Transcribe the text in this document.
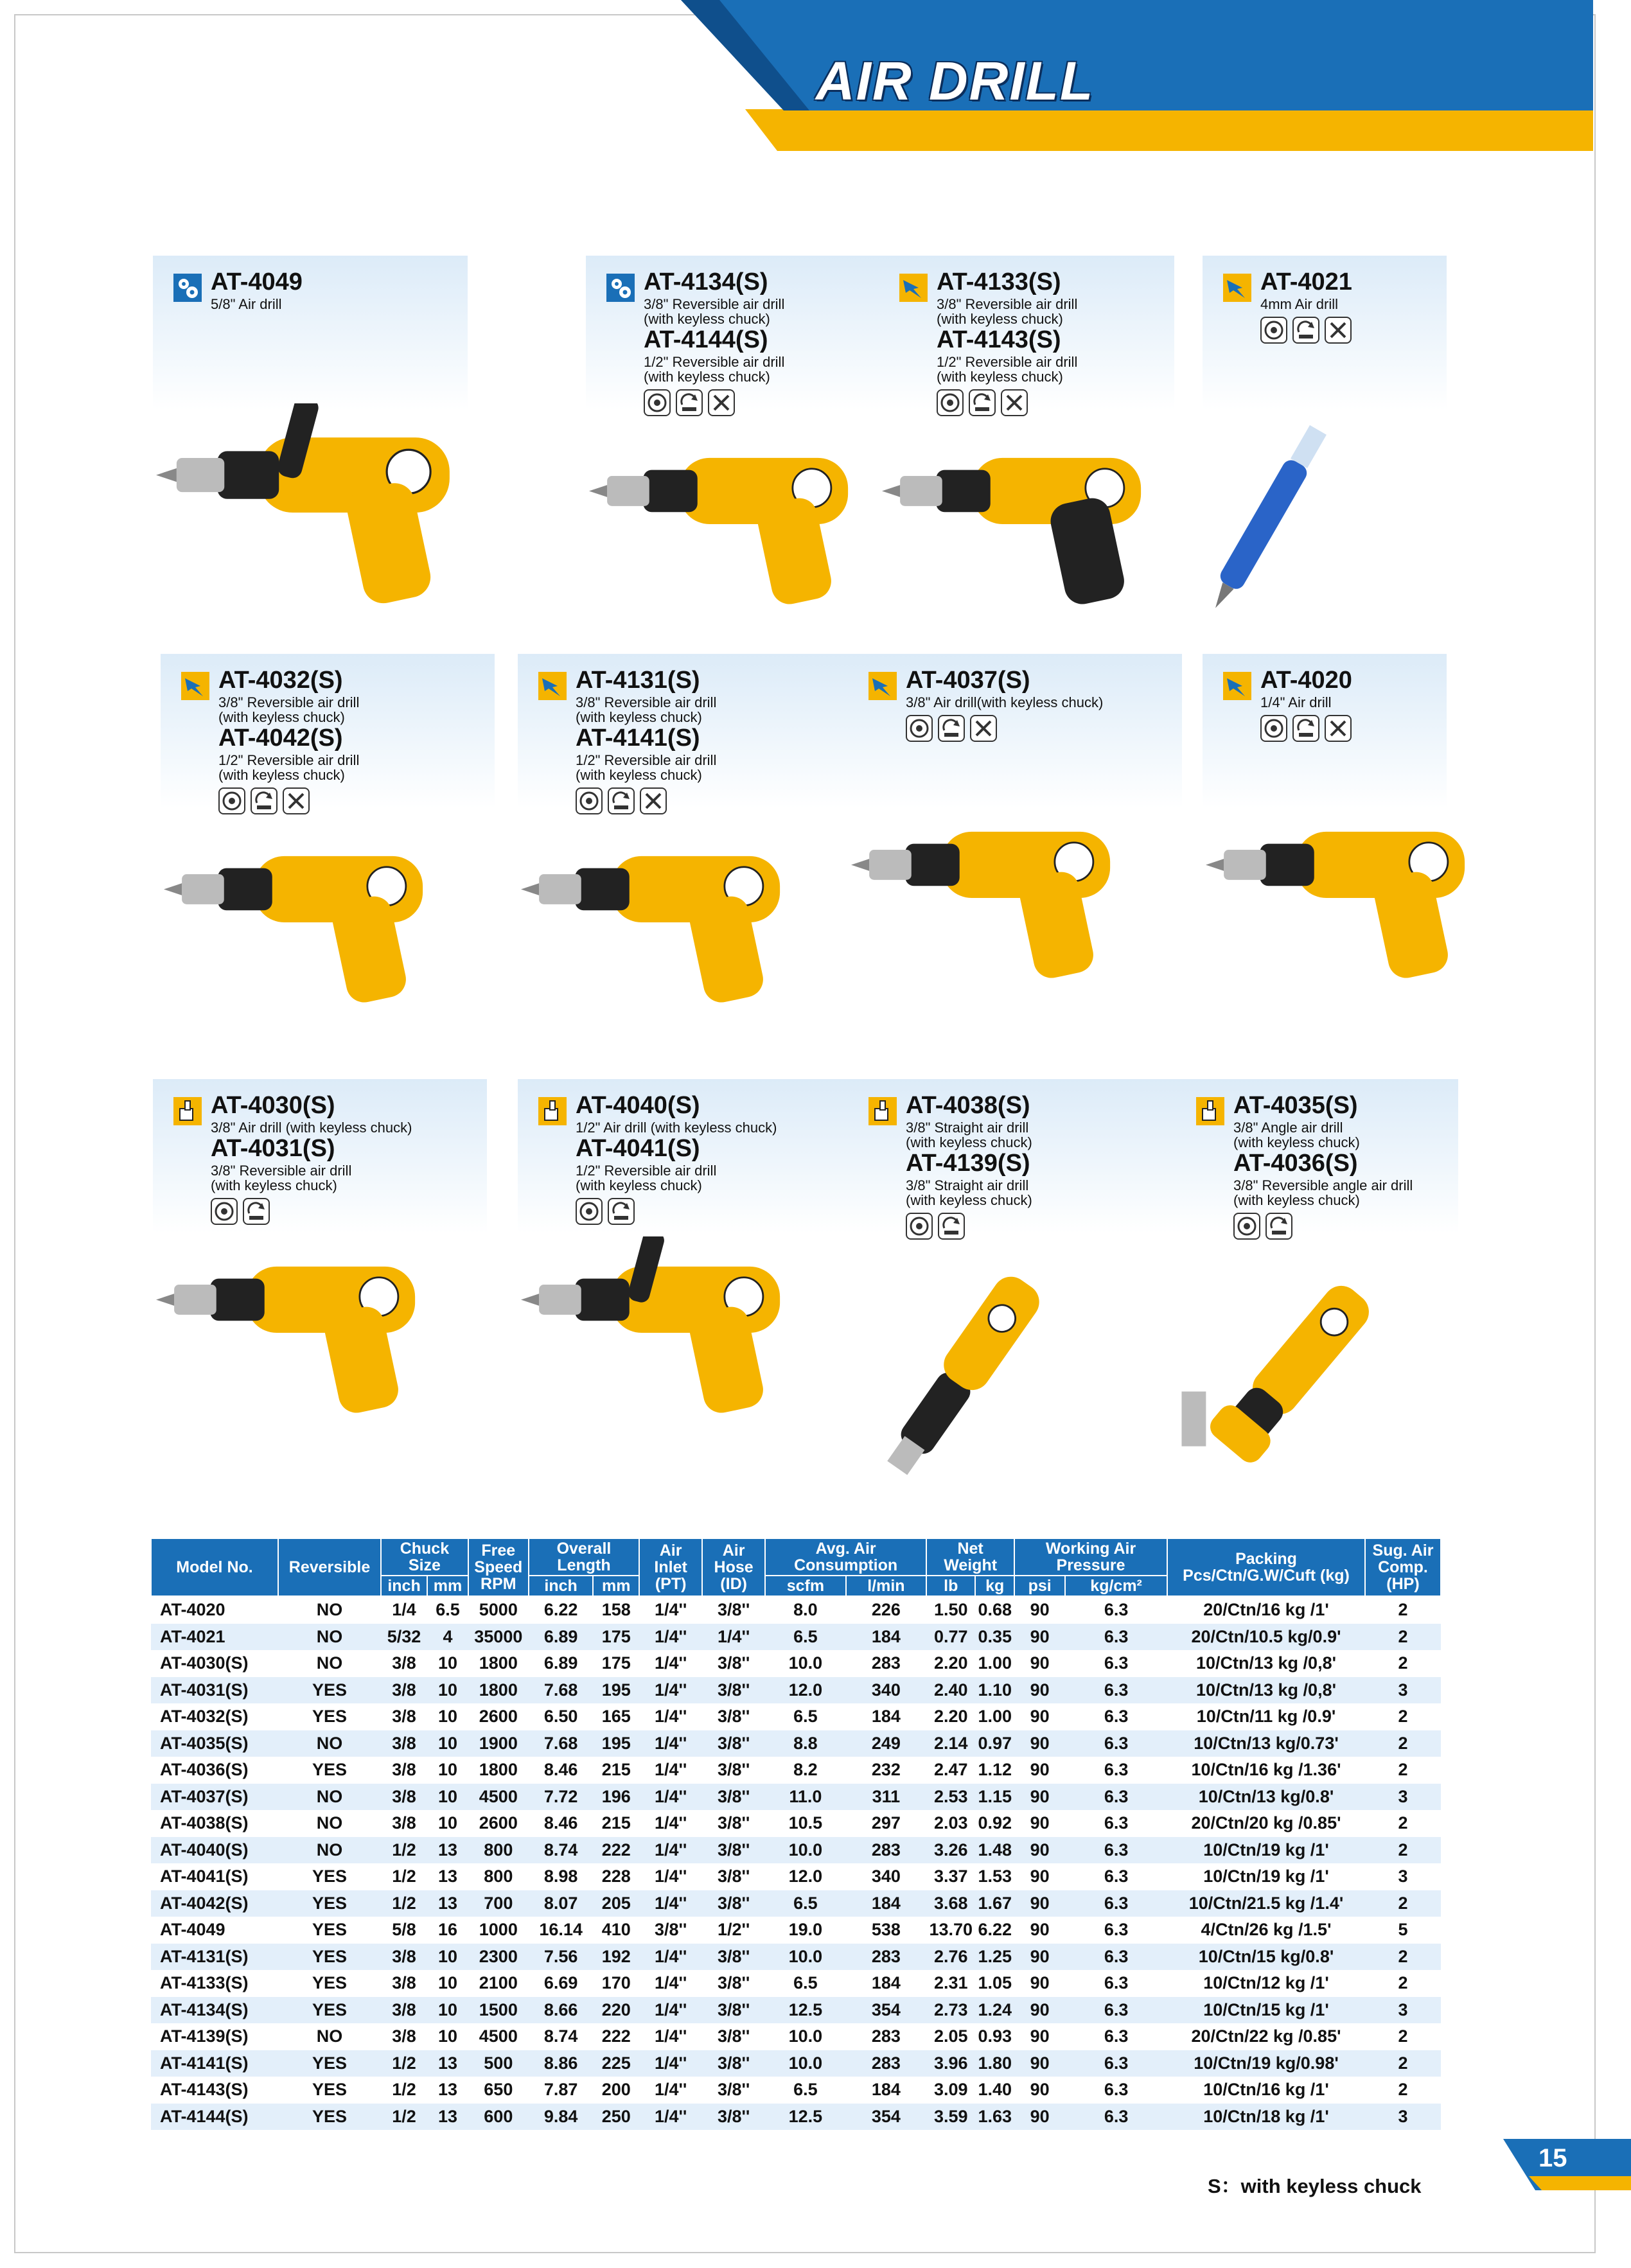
AIR DRILL
AT-4049
5/8" Air drill
AT-4134(S)
3/8" Reversible air drill
(with keyless chuck)
AT-4144(S)
1/2" Reversible air drill
(with keyless chuck)
AT-4133(S)
3/8" Reversible air drill
(with keyless chuck)
AT-4143(S)
1/2" Reversible air drill
(with keyless chuck)
AT-4021
4mm Air drill
AT-4032(S)
3/8" Reversible air drill
(with keyless chuck)
AT-4042(S)
1/2" Reversible air drill
(with keyless chuck)
AT-4131(S)
3/8" Reversible air drill
(with keyless chuck)
AT-4141(S)
1/2" Reversible air drill
(with keyless chuck)
AT-4037(S)
3/8" Air drill(with keyless chuck)
AT-4020
1/4" Air drill
AT-4030(S)
3/8" Air drill (with keyless chuck)
AT-4031(S)
3/8" Reversible air drill
(with keyless chuck)
AT-4040(S)
1/2" Air drill (with keyless chuck)
AT-4041(S)
1/2" Reversible air drill
(with keyless chuck)
AT-4038(S)
3/8" Straight air drill
(with keyless chuck)
AT-4139(S)
3/8" Straight air drill
(with keyless chuck)
AT-4035(S)
3/8" Angle air drill
(with keyless chuck)
AT-4036(S)
3/8" Reversible angle air drill
(with keyless chuck)
Model No.	Reversible	Chuck Size		Free Speed RPM	Overall Length		Air Inlet (PT)	Air Hose (ID)	Avg. Air Consumption		Net Weight		Working Air Pressure		Packing Pcs/Ctn/G.W/Cuft (kg)	Sug. Air Comp. (HP)
		inch	mm		inch	mm			scfm	l/min	lb	kg	psi	kg/cm²		
AT-4020	NO	1/4	6.5	5000	6.22	158	1/4''	3/8''	8.0	226	1.50	0.68	90	6.3	20/Ctn/16 kg /1'	2
AT-4021	NO	5/32	4	35000	6.89	175	1/4''	1/4''	6.5	184	0.77	0.35	90	6.3	20/Ctn/10.5 kg/0.9'	2
AT-4030(S)	NO	3/8	10	1800	6.89	175	1/4''	3/8''	10.0	283	2.20	1.00	90	6.3	10/Ctn/13 kg /0,8'	2
AT-4031(S)	YES	3/8	10	1800	7.68	195	1/4''	3/8''	12.0	340	2.40	1.10	90	6.3	10/Ctn/13 kg /0,8'	3
AT-4032(S)	YES	3/8	10	2600	6.50	165	1/4''	3/8''	6.5	184	2.20	1.00	90	6.3	10/Ctn/11 kg /0.9'	2
AT-4035(S)	NO	3/8	10	1900	7.68	195	1/4''	3/8''	8.8	249	2.14	0.97	90	6.3	10/Ctn/13 kg/0.73'	2
AT-4036(S)	YES	3/8	10	1800	8.46	215	1/4''	3/8''	8.2	232	2.47	1.12	90	6.3	10/Ctn/16 kg /1.36'	2
AT-4037(S)	NO	3/8	10	4500	7.72	196	1/4''	3/8''	11.0	311	2.53	1.15	90	6.3	10/Ctn/13 kg/0.8'	3
AT-4038(S)	NO	3/8	10	2600	8.46	215	1/4''	3/8''	10.5	297	2.03	0.92	90	6.3	20/Ctn/20 kg /0.85'	2
AT-4040(S)	NO	1/2	13	800	8.74	222	1/4''	3/8''	10.0	283	3.26	1.48	90	6.3	10/Ctn/19 kg /1'	2
AT-4041(S)	YES	1/2	13	800	8.98	228	1/4''	3/8''	12.0	340	3.37	1.53	90	6.3	10/Ctn/19 kg /1'	3
AT-4042(S)	YES	1/2	13	700	8.07	205	1/4''	3/8''	6.5	184	3.68	1.67	90	6.3	10/Ctn/21.5 kg /1.4'	2
AT-4049	YES	5/8	16	1000	16.14	410	3/8''	1/2''	19.0	538	13.70	6.22	90	6.3	4/Ctn/26 kg /1.5'	5
AT-4131(S)	YES	3/8	10	2300	7.56	192	1/4''	3/8''	10.0	283	2.76	1.25	90	6.3	10/Ctn/15 kg/0.8'	2
AT-4133(S)	YES	3/8	10	2100	6.69	170	1/4''	3/8''	6.5	184	2.31	1.05	90	6.3	10/Ctn/12 kg /1'	2
AT-4134(S)	YES	3/8	10	1500	8.66	220	1/4''	3/8''	12.5	354	2.73	1.24	90	6.3	10/Ctn/15 kg /1'	3
AT-4139(S)	NO	3/8	10	4500	8.74	222	1/4''	3/8''	10.0	283	2.05	0.93	90	6.3	20/Ctn/22 kg /0.85'	2
AT-4141(S)	YES	1/2	13	500	8.86	225	1/4''	3/8''	10.0	283	3.96	1.80	90	6.3	10/Ctn/19 kg/0.98'	2
AT-4143(S)	YES	1/2	13	650	7.87	200	1/4''	3/8''	6.5	184	3.09	1.40	90	6.3	10/Ctn/16 kg /1'	2
AT-4144(S)	YES	1/2	13	600	9.84	250	1/4''	3/8''	12.5	354	3.59	1.63	90	6.3	10/Ctn/18 kg /1'	3
S：with keyless chuck
15
